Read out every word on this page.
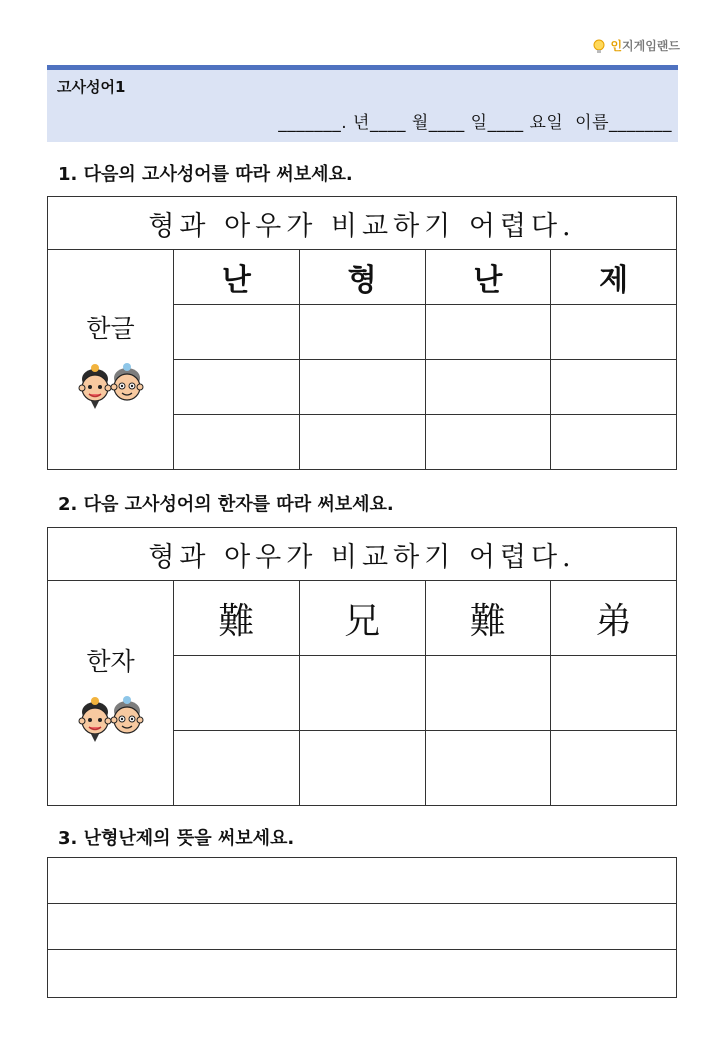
인지게임랜드
고사성어1
_______. 년____ 월____ 일____ 요일  이름_______
1. 다음의 고사성어를 따라 써보세요.
형과 아우가 비교하기 어렵다.				

한글	난	형	난	제

2. 다음 고사성어의 한자를 따라 써보세요.
형과 아우가 비교하기 어렵다.				

한자	難	兄	難	弟

3. 난형난제의 뜻을 써보세요.
